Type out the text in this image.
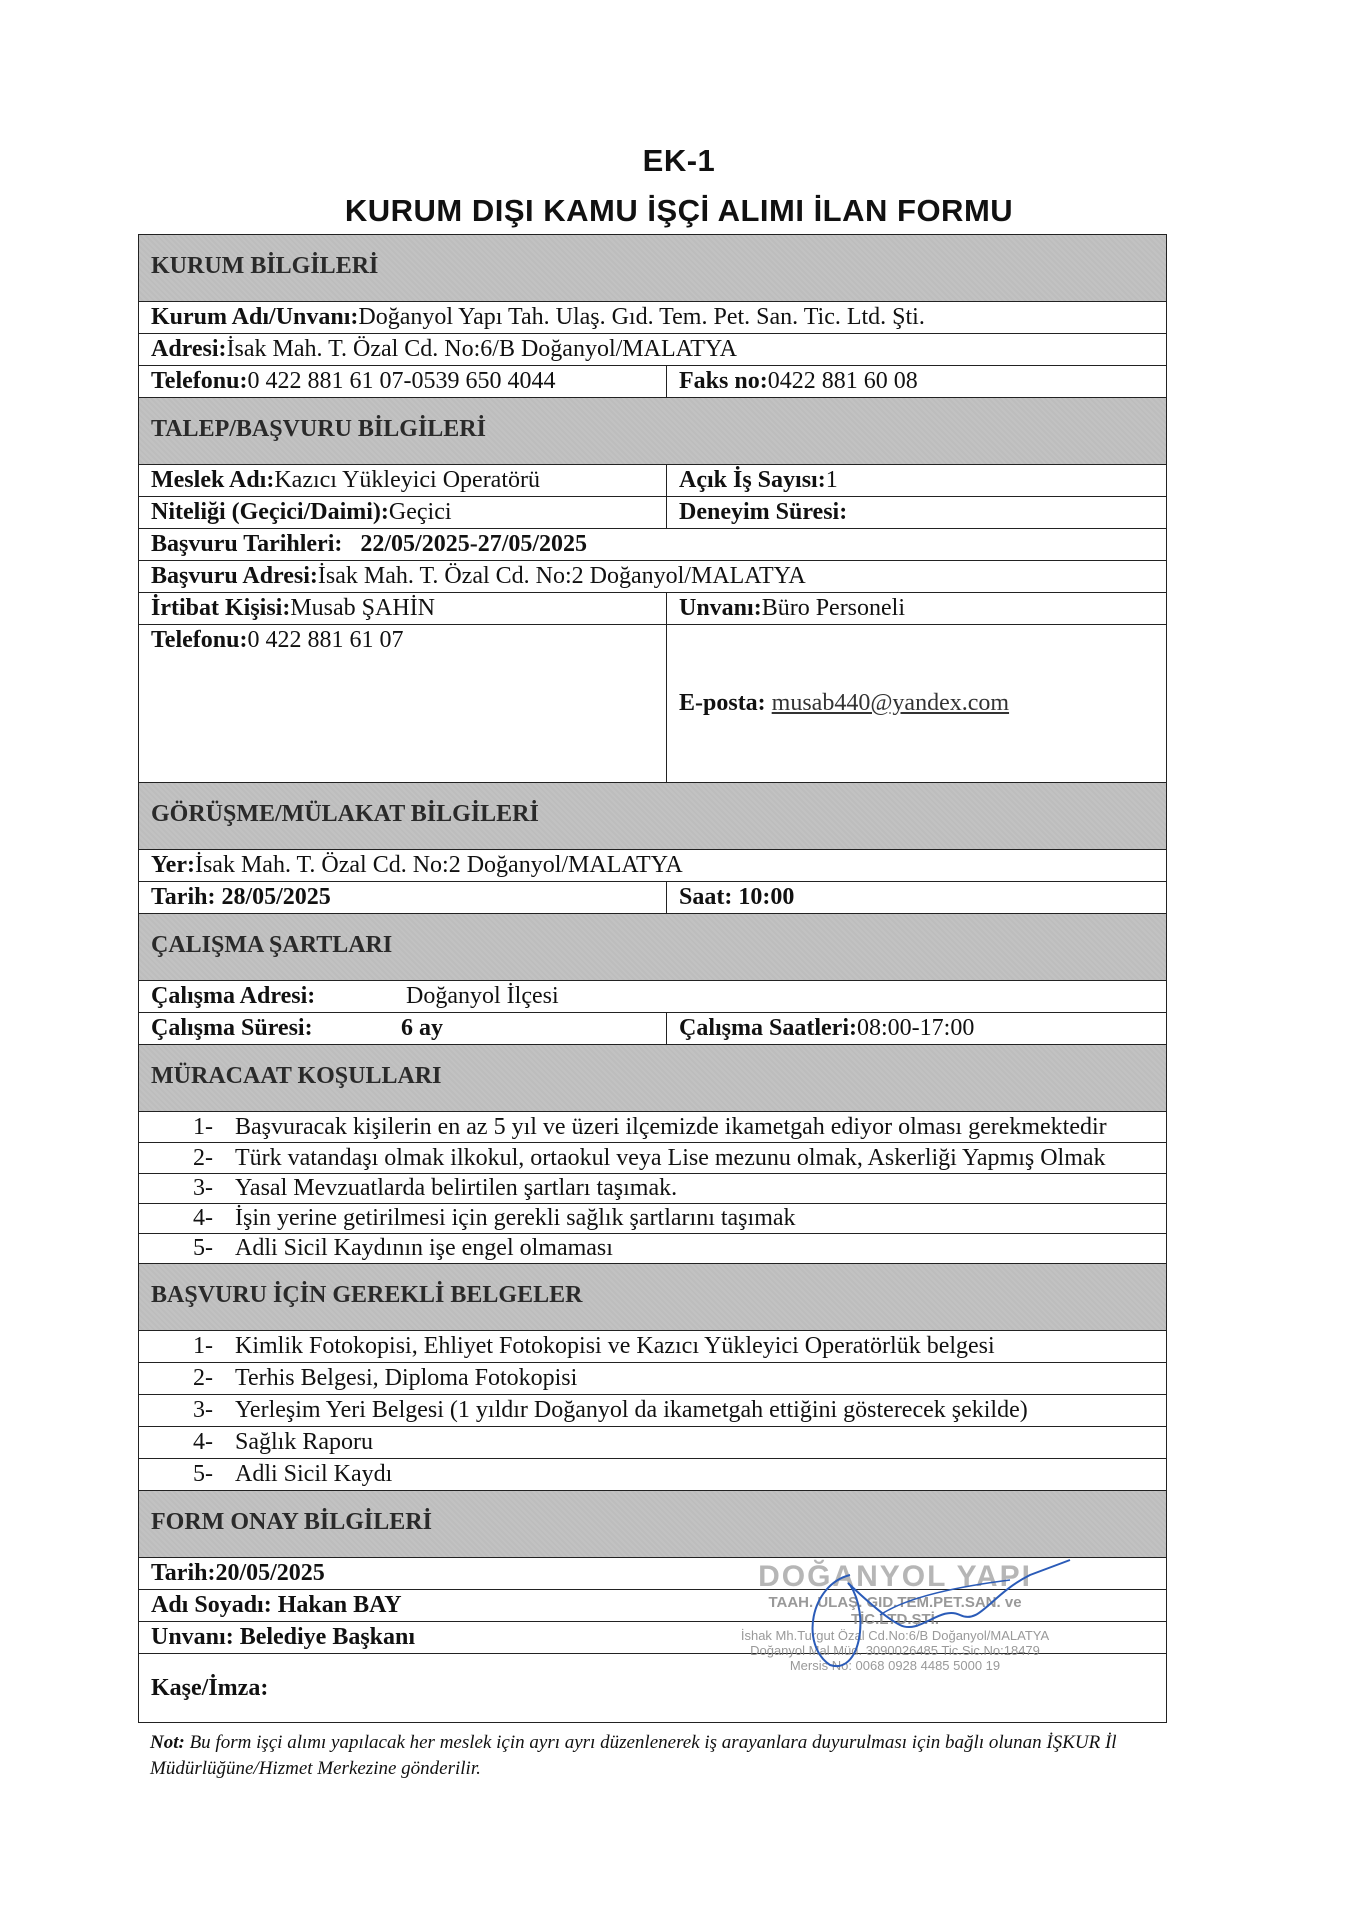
EK-1
KURUM DIŞI KAMU İŞÇİ ALIMI İLAN FORMU
KURUM BİLGİLERİ
Kurum Adı/Unvanı: Doğanyol Yapı Tah. Ulaş. Gıd. Tem. Pet. San. Tic. Ltd. Şti.
Adresi: İsak Mah. T. Özal Cd. No:6/B Doğanyol/MALATYA
Telefonu: 0 422 881 61 07-0539 650 4044	Faks no: 0422 881 60 08
TALEP/BAŞVURU BİLGİLERİ
Meslek Adı: Kazıcı Yükleyici Operatörü	Açık İş Sayısı: 1
Niteliği (Geçici/Daimi): Geçici	Deneyim Süresi:
Başvuru Tarihleri:
22/05/2025-27/05/2025
Başvuru Adresi: İsak Mah. T. Özal Cd. No:2 Doğanyol/MALATYA
İrtibat Kişisi: Musab ŞAHİN	Unvanı: Büro Personeli
Telefonu: 0 422 881 61 07
E-posta: musab440@yandex.com
GÖRÜŞME/MÜLAKAT BİLGİLERİ
Yer: İsak Mah. T. Özal Cd. No:2 Doğanyol/MALATYA
Tarih: 28/05/2025	Saat: 10:00
ÇALIŞMA ŞARTLARI
Çalışma Adresi:	Doğanyol İlçesi
Çalışma Süresi:	6 ay	Çalışma Saatleri: 08:00-17:00
MÜRACAAT KOŞULLARI
1- Başvuracak kişilerin en az 5 yıl ve üzeri ilçemizde ikametgah ediyor olması gerekmektedir
2- Türk vatandaşı olmak ilkokul, ortaokul veya Lise mezunu olmak, Askerliği Yapmış Olmak
3- Yasal Mevzuatlarda belirtilen şartları taşımak.
4- İşin yerine getirilmesi için gerekli sağlık şartlarını taşımak
5- Adli Sicil Kaydının işe engel olmaması
BAŞVURU İÇİN GEREKLİ BELGELER
1- Kimlik Fotokopisi, Ehliyet Fotokopisi ve Kazıcı Yükleyici Operatörlük belgesi
2- Terhis Belgesi, Diploma Fotokopisi
3- Yerleşim Yeri Belgesi (1 yıldır Doğanyol da ikametgah ettiğini gösterecek şekilde)
4- Sağlık Raporu
5- Adli Sicil Kaydı
FORM ONAY BİLGİLERİ
Tarih:20/05/2025
Adı Soyadı: Hakan BAY
Unvanı: Belediye Başkanı
Kaşe/İmza:
DOĞANYOL YAPI
TAAH. ULAŞ. GID.TEM.PET.SAN. ve TİC.LTD.ŞTİ.
İshak Mh.Turgut Özal Cd.No:6/B Doğanyol/MALATYA
Doğanyol Mal Müd. 3090026485 Tic.Sic.No:18479
Mersis No: 0068 0928 4485 5000 19
Not: Bu form işçi alımı yapılacak her meslek için ayrı ayrı düzenlenerek iş arayanlara duyurulması için bağlı olunan İŞKUR İl Müdürlüğüne/Hizmet Merkezine gönderilir.
